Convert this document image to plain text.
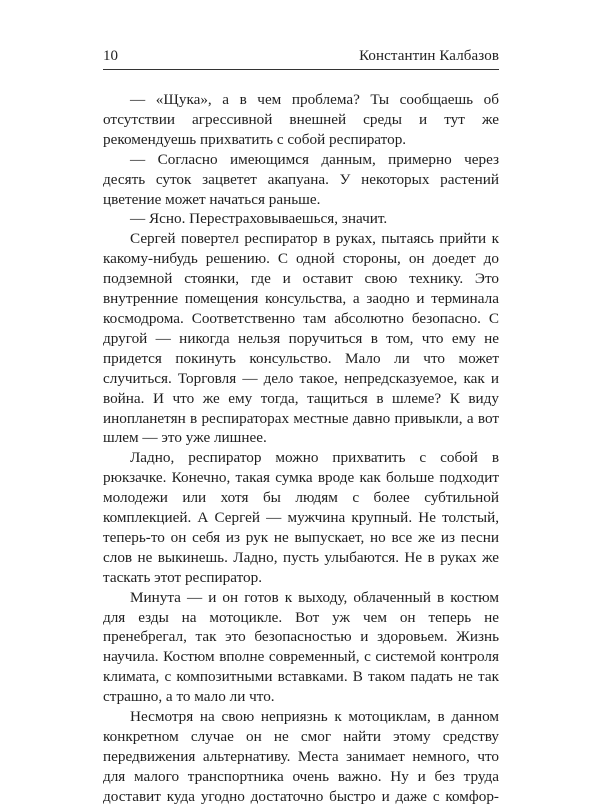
10	Константин Калбазов

— «Щука», а в чем проблема? Ты сообщаешь об отсутствии агрессивной внешней среды и тут же рекомендуешь прихватить с собой респиратор.

— Согласно имеющимся данным, примерно через десять суток зацветет акапуана. У некоторых растений цветение может начаться раньше.

— Ясно. Перестраховываешься, значит.

Сергей повертел респиратор в руках, пытаясь прийти к какому-нибудь решению. С одной стороны, он доедет до подземной стоянки, где и оставит свою технику. Это внутренние помещения консульства, а заодно и терминала космодрома. Соответственно там абсолютно безопасно. С другой — никогда нельзя поручиться в том, что ему не придется покинуть консульство. Мало ли что может случиться. Торговля — дело такое, непредсказуемое, как и война. И что же ему тогда, тащиться в шлеме? К виду инопланетян в респираторах местные давно привыкли, а вот шлем — это уже лишнее.

Ладно, респиратор можно прихватить с собой в рюкзачке. Конечно, такая сумка вроде как больше подходит молодежи или хотя бы людям с более субтильной комплекцией. А Сергей — мужчина крупный. Не толстый, теперь-то он себя из рук не выпускает, но все же из песни слов не выкинешь. Ладно, пусть улыбаются. Не в руках же таскать этот респиратор.

Минута — и он готов к выходу, облаченный в костюм для езды на мотоцикле. Вот уж чем он теперь не пренебрегал, так это безопасностью и здоровьем. Жизнь научила. Костюм вполне современный, с системой контроля климата, с композитными вставками. В таком падать не так страшно, а то мало ли что.

Несмотря на свою неприязнь к мотоциклам, в данном конкретном случае он не смог найти этому средству передвижения альтернативу. Места занимает немного, что для малого транспортника очень важно. Ну и без труда доставит куда угодно достаточно быстро и даже с комфор-
